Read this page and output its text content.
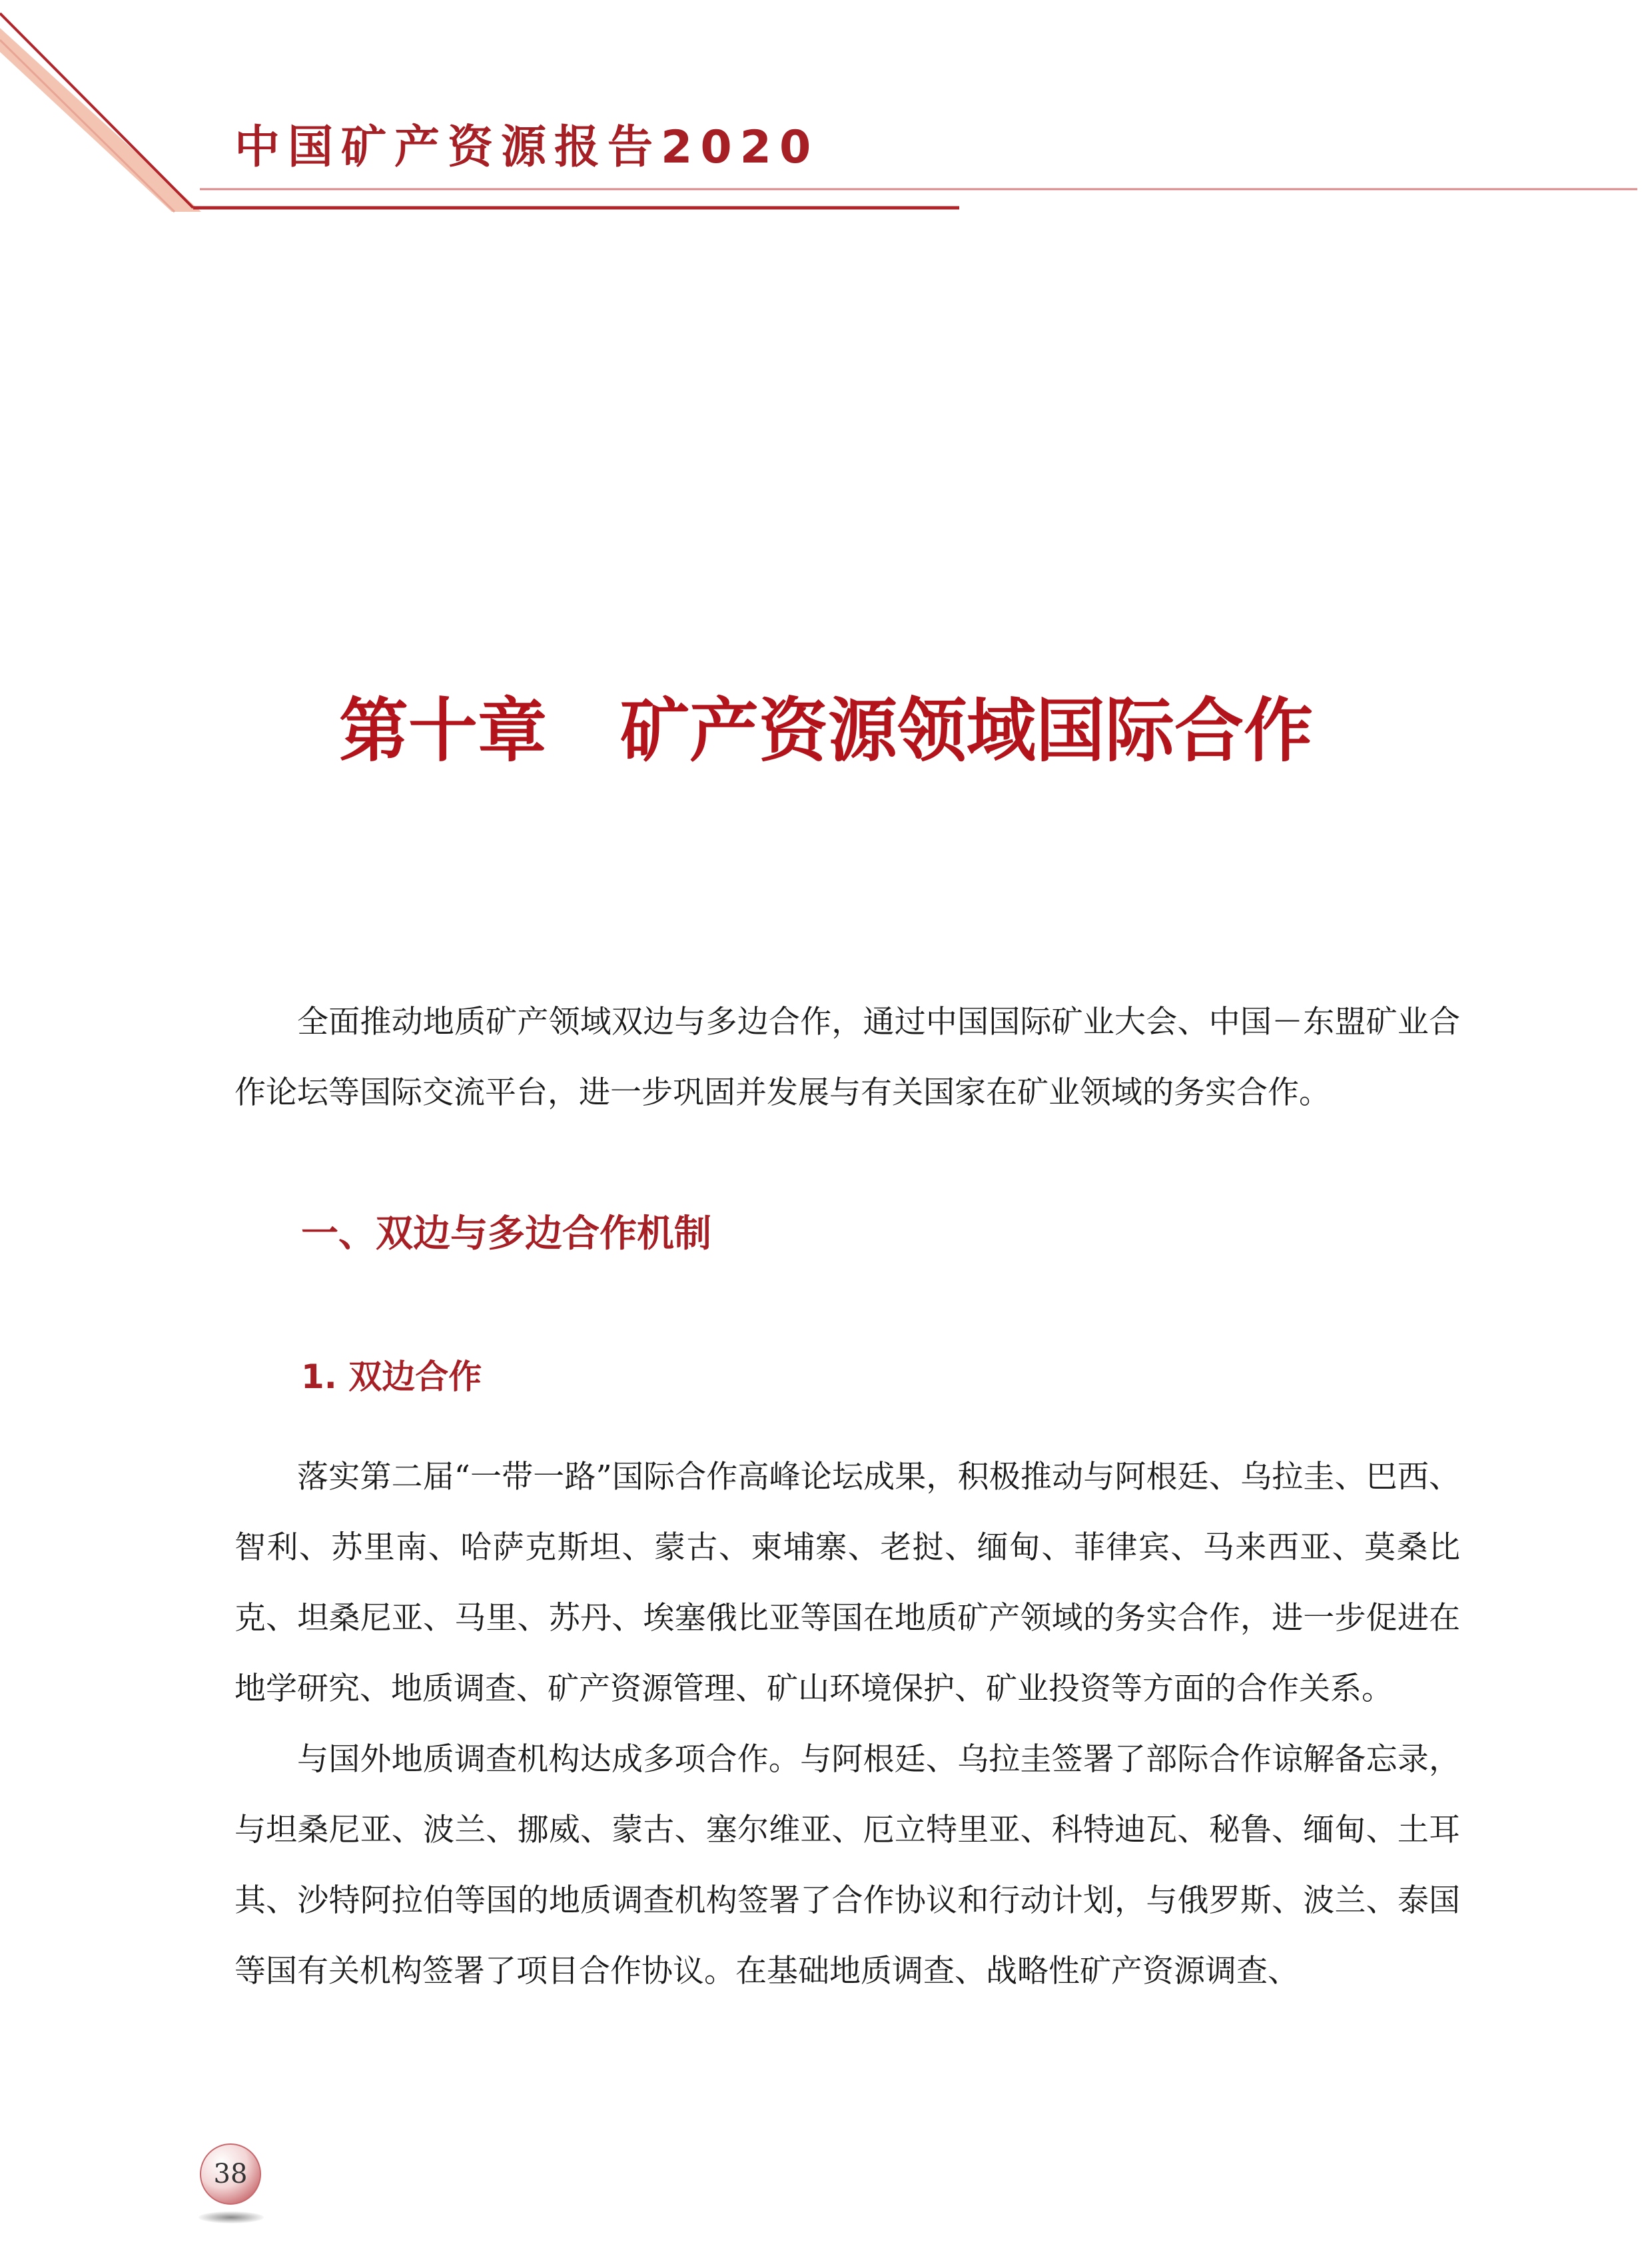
中国矿产资源报告2020
第十章 矿产资源领域国际合作

全面推动地质矿产领域双边与多边合作，通过中国国际矿业大会、中国－东盟矿业合作论坛等国际交流平台，进一步巩固并发展与有关国家在矿业领域的务实合作。

一、双边与多边合作机制
1. 双边合作

落实第二届“一带一路”国际合作高峰论坛成果，积极推动与阿根廷、乌拉圭、巴西、智利、苏里南、哈萨克斯坦、蒙古、柬埔寨、老挝、缅甸、菲律宾、马来西亚、莫桑比克、坦桑尼亚、马里、苏丹、埃塞俄比亚等国在地质矿产领域的务实合作，进一步促进在地学研究、地质调查、矿产资源管理、矿山环境保护、矿业投资等方面的合作关系。

与国外地质调查机构达成多项合作。与阿根廷、乌拉圭签署了部际合作谅解备忘录，与坦桑尼亚、波兰、挪威、蒙古、塞尔维亚、厄立特里亚、科特迪瓦、秘鲁、缅甸、土耳其、沙特阿拉伯等国的地质调查机构签署了合作协议和行动计划，与俄罗斯、波兰、泰国等国有关机构签署了项目合作协议。在基础地质调查、战略性矿产资源调查、

38
